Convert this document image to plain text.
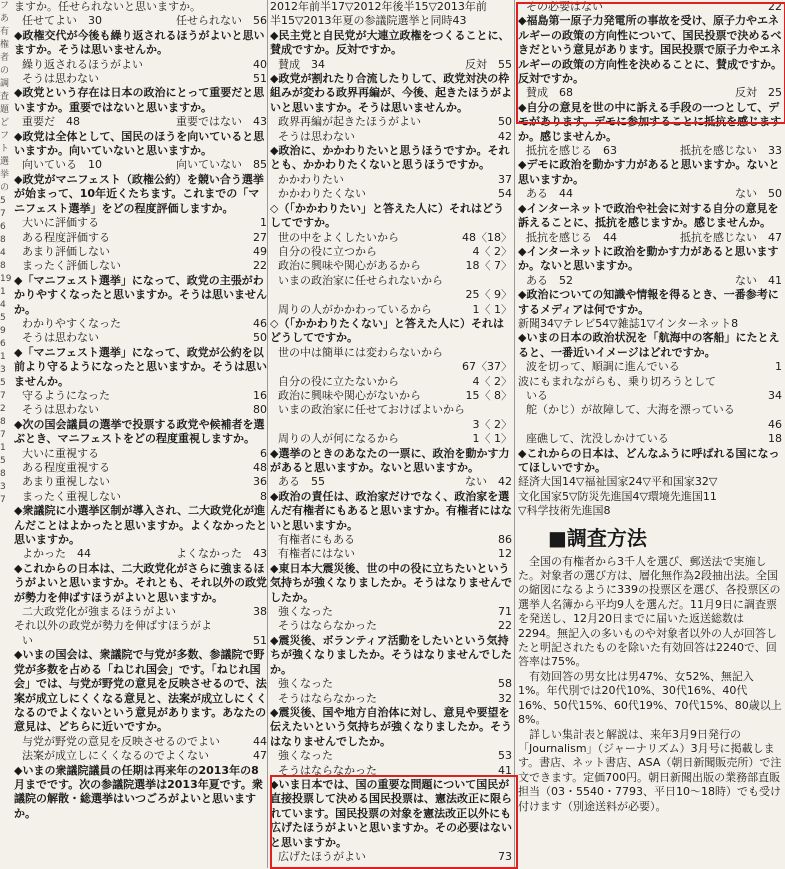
フ
あ
有
権
者
の
調
査
題
ど
フ
ト
選
挙
の
5
7
6
8
4
8
19
1
4
5
9
6
1
3
5
7
2
8
7
1
5
8
3
7
ますか。任せられないと思いますか。
任せてよい　30	任せられない　56
◆政権交代が今後も繰り返されるほうがよいと思いますか。そうは思いませんか。
繰り返されるほうがよい	40
そうは思わない	51
◆政党という存在は日本の政治にとって重要だと思いますか。重要ではないと思いますか。
重要だ　48	重要ではない　43
◆政党は全体として、国民のほうを向いていると思いますか。向いていないと思いますか。
向いている　10	向いていない　85
◆政党がマニフェスト（政権公約）を競い合う選挙が始まって、10年近くたちます。これまでの「マニフェスト選挙」をどの程度評価しますか。
大いに評価する	1
ある程度評価する	27
あまり評価しない	49
まったく評価しない	22
◆「マニフェスト選挙」になって、政党の主張がわかりやすくなったと思いますか。そうは思いませんか。
わかりやすくなった	46
そうは思わない	50
◆「マニフェスト選挙」になって、政党が公約を以前より守るようになったと思いますか。そうは思いませんか。
守るようになった	16
そうは思わない	80
◆次の国会議員の選挙で投票する政党や候補者を選ぶとき、マニフェストをどの程度重視しますか。
大いに重視する	6
ある程度重視する	48
あまり重視しない	36
まったく重視しない	8
◆衆議院に小選挙区制が導入され、二大政党化が進んだことはよかったと思いますか。よくなかったと思いますか。
よかった　44	よくなかった　43
◆これからの日本は、二大政党化がさらに強まるほうがよいと思いますか。それとも、それ以外の政党が勢力を伸ばすほうがよいと思いますか。
二大政党化が強まるほうがよい	38
それ以外の政党が勢力を伸ばすほうがよ
い	51
◆いまの国会は、衆議院で与党が多数、参議院で野党が多数を占める「ねじれ国会」です。「ねじれ国会」では、与党が野党の意見を反映させるので、法案が成立しにくくなる意見と、法案が成立しにくくなるのでよくないという意見があります。あなたの意見は、どちらに近いですか。
与党が野党の意見を反映させるのでよい	44
法案が成立しにくくなるのでよくない	47
◆いまの衆議院議員の任期は再来年の2013年の8月までです。次の参議院選挙は2013年夏です。衆議院の解散・総選挙はいつごろがよいと思いますか。
2012年前半17▽2012年後半15▽2013年前
半15▽2013年夏の参議院選挙と同時43
◆民主党と自民党が大連立政権をつくることに、賛成ですか。反対ですか。
賛成　34	反対　55
◆政党が割れたり合流したりして、政党対決の枠組みが変わる政界再編が、今後、起きたほうがよいと思いますか。そうは思いませんか。
政界再編が起きたほうがよい	50
そうは思わない	42
◆政治に、かかわりたいと思うほうですか。それとも、かかわりたくないと思うほうですか。
かかわりたい	37
かかわりたくない	54
◇（「かかわりたい」と答えた人に）それはどうしてですか。
世の中をよくしたいから	48〈18〉
自分の役に立つから	4〈 2〉
政治に興味や関心があるから	18〈 7〉
いまの政治家に任せられないから
25〈 9〉
周りの人がかかわっているから	1〈 1〉
◇（「かかわりたくない」と答えた人に）それはどうしてですか。
世の中は簡単には変わらないから
67〈37〉
自分の役に立たないから	4〈 2〉
政治に興味や関心がないから	15〈 8〉
いまの政治家に任せておけばよいから
3〈 2〉
周りの人が何になるから	1〈 1〉
◆選挙のときのあなたの一票に、政治を動かす力があると思いますか。ないと思いますか。
ある　55	ない　42
◆政治の責任は、政治家だけでなく、政治家を選んだ有権者にもあると思いますか。有権者にはないと思いますか。
有権者にもある	86
有権者にはない	12
◆東日本大震災後、世の中の役に立ちたいという気持ちが強くなりましたか。そうはなりませんでしたか。
強くなった	71
そうはならなかった	22
◆震災後、ボランティア活動をしたいという気持ちが強くなりましたか。そうはなりませんでしたか。
強くなった	58
そうはならなかった	32
◆震災後、国や地方自治体に対し、意見や要望を伝えたいという気持ちが強くなりましたか。そうはなりませんでしたか。
強くなった	53
そうはならなかった	41
◆いま日本では、国の重要な問題について国民が直接投票して決める国民投票は、憲法改正に限られています。国民投票の対象を憲法改正以外にも広げたほうがよいと思いますか。その必要はないと思いますか。
広げたほうがよい	73
その必要はない	22
◆福島第一原子力発電所の事故を受け、原子力やエネルギーの政策の方向性について、国民投票で決めるべきだという意見があります。国民投票で原子力やエネルギーの政策の方向性を決めることに、賛成ですか。反対ですか。
賛成　68	反対　25
◆自分の意見を世の中に訴える手段の一つとして、デモがあります。デモに参加することに抵抗を感じますか。感じませんか。
抵抗を感じる　63	抵抗を感じない　33
◆デモに政治を動かす力があると思いますか。ないと思いますか。
ある　44	ない　50
◆インターネットで政治や社会に対する自分の意見を訴えることに、抵抗を感じますか。感じませんか。
抵抗を感じる　44	抵抗を感じない　47
◆インターネットに政治を動かす力があると思いますか。ないと思いますか。
ある　52	ない　41
◆政治についての知識や情報を得るとき、一番参考にするメディアは何ですか。
新聞34▽テレビ54▽雑誌1▽インターネット8
◆いまの日本の政治状況を「航海中の客船」にたとえると、一番近いイメージはどれですか。
波を切って、順調に進んでいる	1
波にもまれながらも、乗り切ろうとして
いる	34
舵（かじ）が故障して、大海を漂っている
46
座礁して、沈没しかけている	18
◆これからの日本は、どんなふうに呼ばれる国になってほしいですか。
経済大国14▽福祉国家24▽平和国家32▽
文化国家5▽防災先進国4▽環境先進国11
▽科学技術先進国8
■調査方法
全国の有権者から3千人を選び、郵送法で実施した。対象者の選び方は、層化無作為2段抽出法。全国の縮図になるように339の投票区を選び、各投票区の選挙人名簿から平均9人を選んだ。11月9日に調査票を発送し、12月20日までに届いた返送総数は2294。無記入の多いものや対象者以外の人が回答したと明記されたものを除いた有効回答は2240で、回答率は75%。
有効回答の男女比は男47%、女52%、無記入1%。年代別では20代10%、30代16%、40代16%、50代15%、60代19%、70代15%、80歳以上8%。
詳しい集計表と解説は、来年3月9日発行の「Journalism」（ジャーナリズム）3月号に掲載します。書店、ネット書店、ASA（朝日新聞販売所）で注文できます。定価700円。朝日新聞出版の業務部直販担当（03・5540・7793、平日10〜18時）でも受け付けます（別途送料が必要）。
